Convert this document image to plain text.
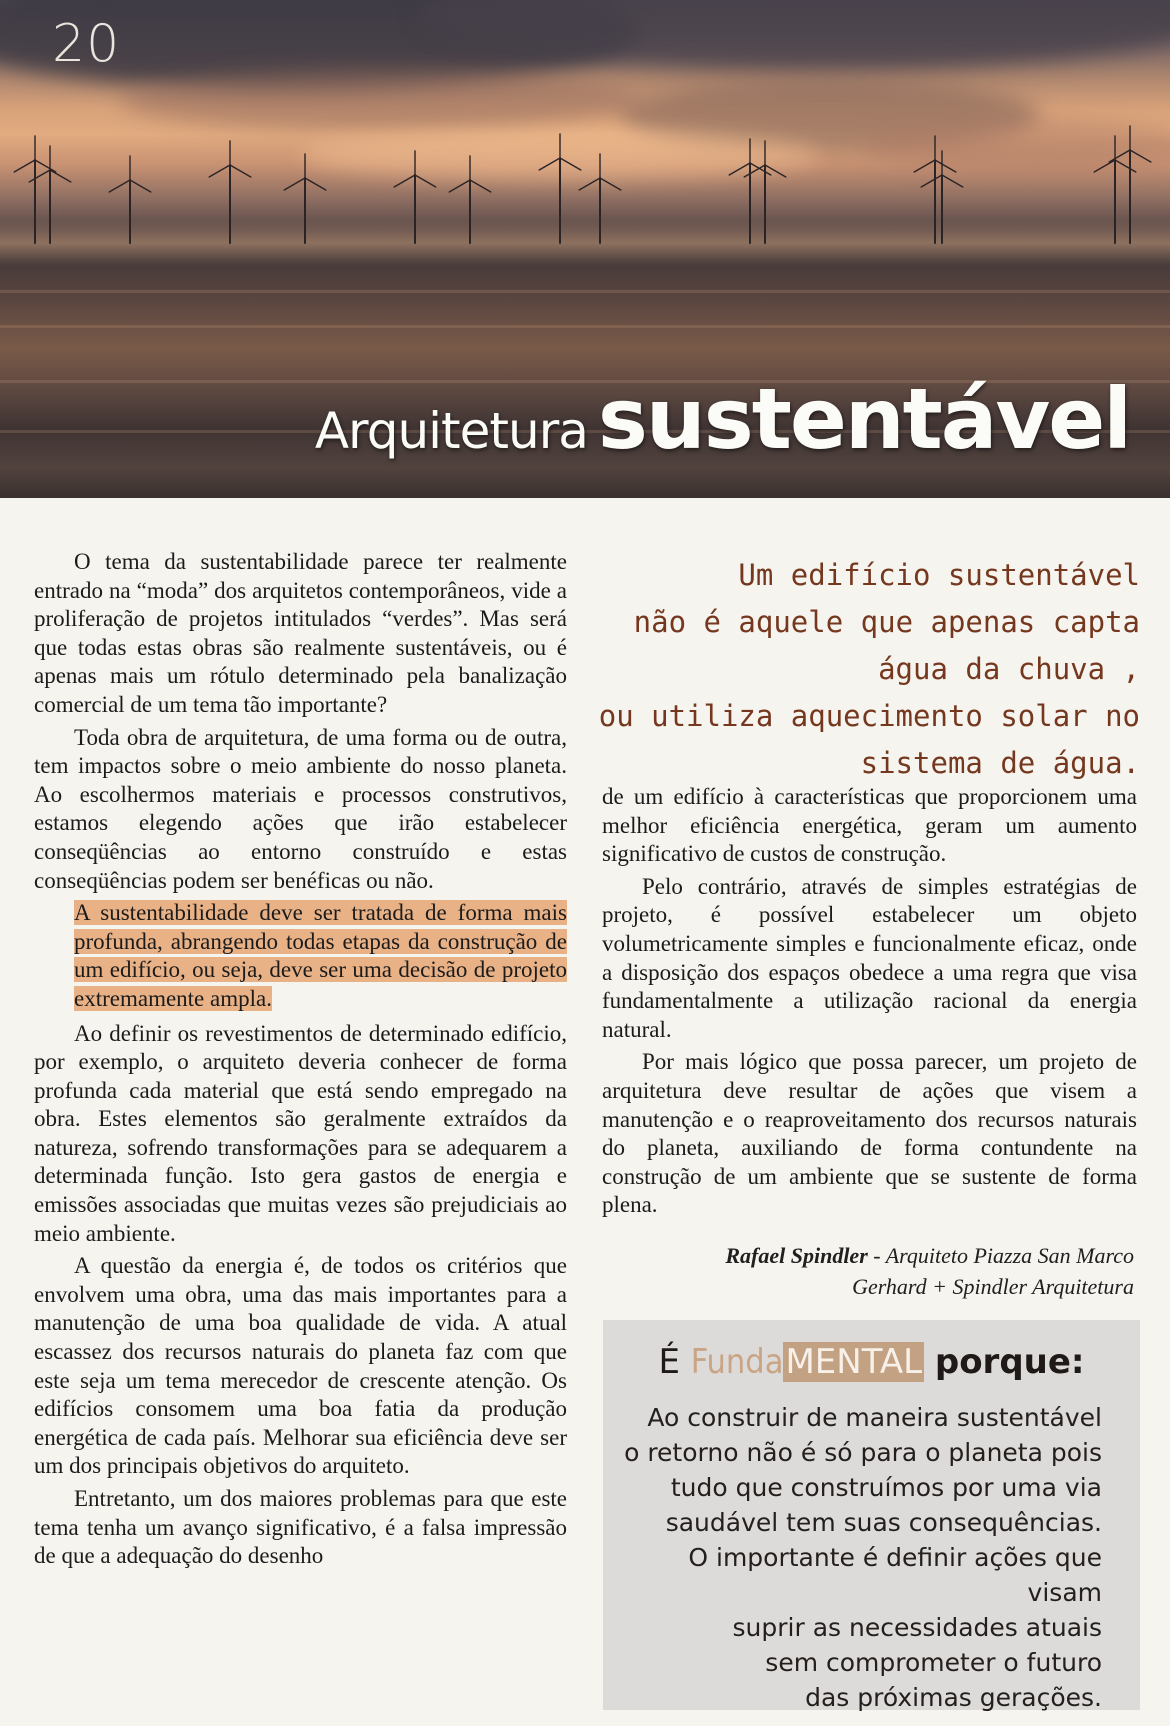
20
Arquitetura sustentável

O tema da sustentabilidade parece ter realmente entrado na “moda” dos arquitetos contemporâneos, vide a proliferação de projetos intitulados “verdes”. Mas será que todas estas obras são realmente sustentáveis, ou é apenas mais um rótulo determinado pela banalização comercial de um tema tão importante?

Toda obra de arquitetura, de uma forma ou de outra, tem impactos sobre o meio ambiente do nosso planeta. Ao escolhermos materiais e processos construtivos, estamos elegendo ações que irão estabelecer conseqüências ao entorno construído e estas conseqüências podem ser benéficas ou não.

A sustentabilidade deve ser tratada de forma mais profunda, abrangendo todas etapas da construção de um edifício, ou seja, deve ser uma decisão de projeto extremamente ampla.

Ao definir os revestimentos de determinado edifício, por exemplo, o arquiteto deveria conhecer de forma profunda cada material que está sendo empregado na obra. Estes elementos são geralmente extraídos da natureza, sofrendo transformações para se adequarem a determinada função. Isto gera gastos de energia e emissões associadas que muitas vezes são prejudiciais ao meio ambiente.

A questão da energia é, de todos os critérios que envolvem uma obra, uma das mais importantes para a manutenção de uma boa qualidade de vida. A atual escassez dos recursos naturais do planeta faz com que este seja um tema merecedor de crescente atenção. Os edifícios consomem uma boa fatia da produção energética de cada país. Melhorar sua eficiência deve ser um dos principais objetivos do arquiteto.

Entretanto, um dos maiores problemas para que este tema tenha um avanço significativo, é a falsa impressão de que a adequação do desenho

Um edifício sustentável
não é aquele que apenas capta
água da chuva ,
ou utiliza aquecimento solar no
sistema de água.

de um edifício à características que proporcionem uma melhor eficiência energética, geram um aumento significativo de custos de construção.

Pelo contrário, através de simples estratégias de projeto, é possível estabelecer um objeto volumetricamente simples e funcionalmente eficaz, onde a disposição dos espaços obedece a uma regra que visa fundamentalmente a utilização racional da energia natural.

Por mais lógico que possa parecer, um projeto de arquitetura deve resultar de ações que visem a manutenção e o reaproveitamento dos recursos naturais do planeta, auxiliando de forma contundente na construção de um ambiente que se sustente de forma plena.

Rafael Spindler - Arquiteto Piazza San Marco
Gerhard + Spindler Arquitetura
É FundaMENTAL porque:
Ao construir de maneira sustentável
o retorno não é só para o planeta pois
tudo que construímos por uma via
saudável tem suas consequências.
O importante é definir ações que visam
suprir as necessidades atuais
sem comprometer o futuro
das próximas gerações.
